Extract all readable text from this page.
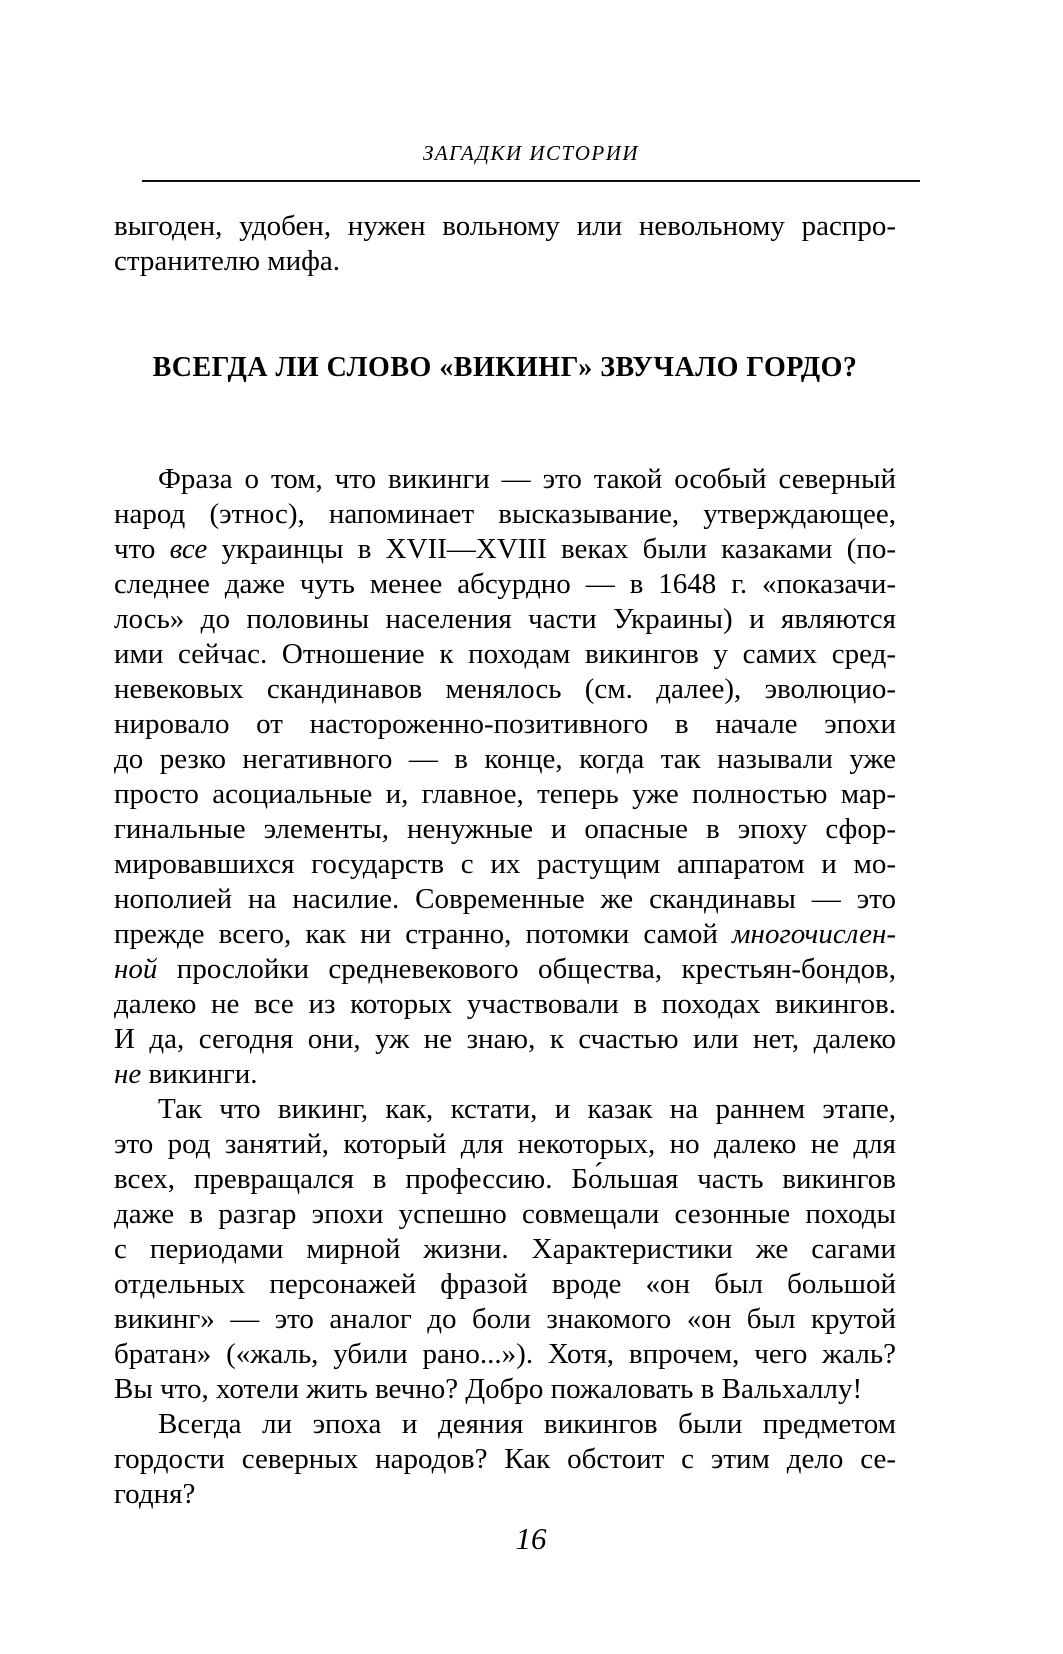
ЗАГАДКИ ИСТОРИИ
выгоден, удобен, нужен вольному или невольному распро-
странителю мифа.
ВСЕГДА ЛИ СЛОВО «ВИКИНГ» ЗВУЧАЛО ГОРДО?
Фраза о том, что викинги — это такой особый северный
народ (этнос), напоминает высказывание, утверждающее,
что все украинцы в XVII—XVIII веках были казаками (по-
следнее даже чуть менее абсурдно — в 1648 г. «показачи-
лось» до половины населения части Украины) и являются
ими сейчас. Отношение к походам викингов у самих сред-
невековых скандинавов менялось (см. далее), эволюцио-
нировало от настороженно-позитивного в начале эпохи
до резко негативного — в конце, когда так называли уже
просто асоциальные и, главное, теперь уже полностью мар-
гинальные элементы, ненужные и опасные в эпоху сфор-
мировавшихся государств с их растущим аппаратом и мо-
нополией на насилие. Современные же скандинавы — это
прежде всего, как ни странно, потомки самой многочислен-
ной прослойки средневекового общества, крестьян-бондов,
далеко не все из которых участвовали в походах викингов.
И да, сегодня они, уж не знаю, к счастью или нет, далеко
не викинги.
Так что викинг, как, кстати, и казак на раннем этапе,
это род занятий, который для некоторых, но далеко не для
всех, превращался в профессию. Бо́льшая часть викингов
даже в разгар эпохи успешно совмещали сезонные походы
с периодами мирной жизни. Характеристики же сагами
отдельных персонажей фразой вроде «он был большой
викинг» — это аналог до боли знакомого «он был крутой
братан» («жаль, убили рано...»). Хотя, впрочем, чего жаль?
Вы что, хотели жить вечно? Добро пожаловать в Вальхаллу!
Всегда ли эпоха и деяния викингов были предметом
гордости северных народов? Как обстоит с этим дело се-
годня?
16
